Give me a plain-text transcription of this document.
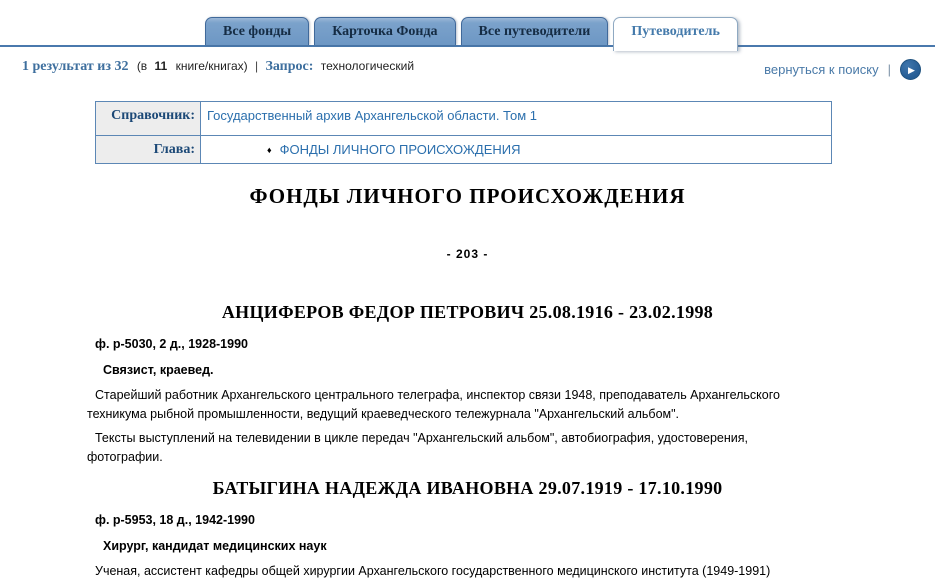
Все фонды	Карточка Фонда	Все путеводители	Путеводитель
1 результат из 32 (в 11 книге/книгах) | Запрос: технологический	вернуться к поиску | ▶
Справочник:	Государственный архив Архангельской области. Том 1
Глава:	♦ ФОНДЫ ЛИЧНОГО ПРОИСХОЖДЕНИЯ
ФОНДЫ ЛИЧНОГО ПРОИСХОЖДЕНИЯ
- 203 -
АНЦИФЕРОВ ФЕДОР ПЕТРОВИЧ 25.08.1916 - 23.02.1998
ф. р-5030, 2 д., 1928-1990
Связист, краевед.

Старейший работник Архангельского центрального телеграфа, инспектор связи 1948, преподаватель Архангельского техникума рыбной промышленности, ведущий краеведческого тележурнала "Архангельский альбом".

Тексты выступлений на телевидении в цикле передач "Архангельский альбом", автобиография, удостоверения, фотографии.

БАТЫГИНА НАДЕЖДА ИВАНОВНА 29.07.1919 - 17.10.1990
ф. р-5953, 18 д., 1942-1990
Хирург, кандидат медицинских наук

Ученая, ассистент кафедры общей хирургии Архангельского государственного медицинского института (1949-1991)
